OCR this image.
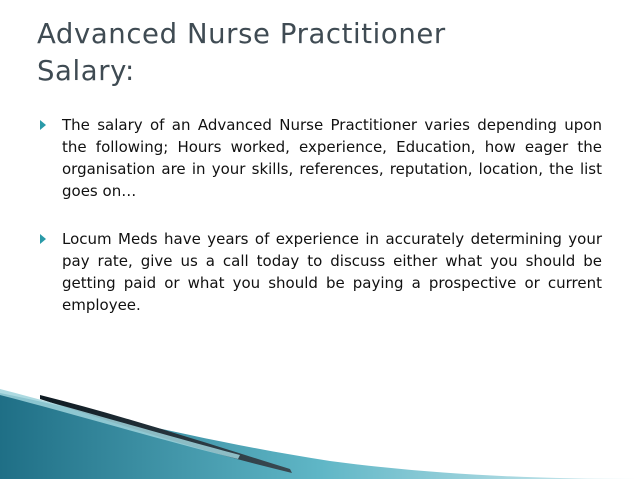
Advanced Nurse Practitioner
Salary:
The salary of an Advanced Nurse Practitioner varies depending upon the following; Hours worked, experience, Education, how eager the organisation are in your skills, references, reputation, location, the list goes on…
Locum Meds have years of experience in accurately determining your pay rate, give us a call today to discuss either what you should be getting paid or what you should be paying a prospective or current employee.
